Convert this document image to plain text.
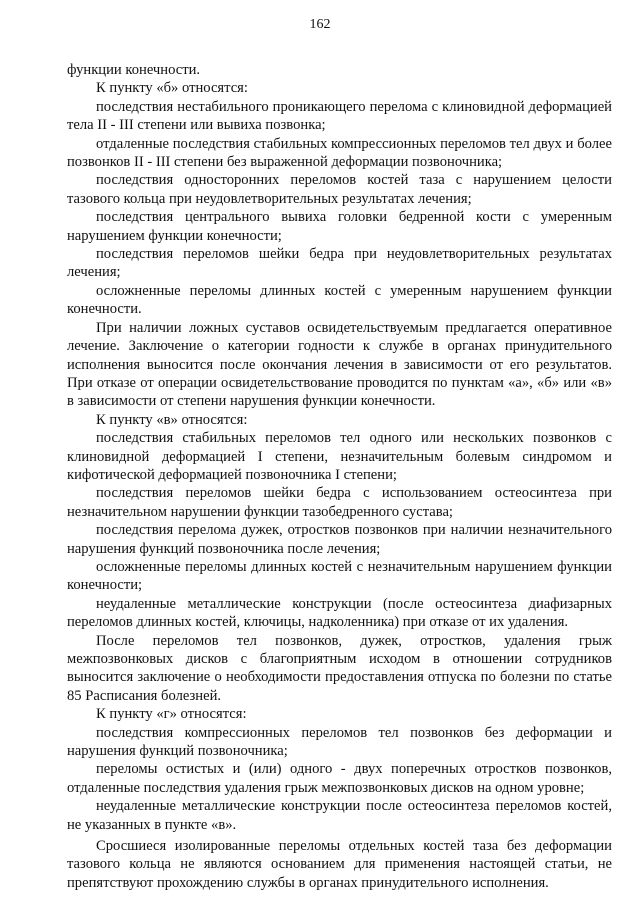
162

функции конечности.

К пункту «б» относятся:

последствия нестабильного проникающего перелома с клиновидной деформацией тела II - III степени или вывиха позвонка;

отдаленные последствия стабильных компрессионных переломов тел двух и более позвонков II - III степени без выраженной деформации позвоночника;

последствия односторонних переломов костей таза с нарушением целости тазового кольца при неудовлетворительных результатах лечения;

последствия центрального вывиха головки бедренной кости с умеренным нарушением функции конечности;

последствия переломов шейки бедра при неудовлетворительных результатах лечения;

осложненные переломы длинных костей с умеренным нарушением функции конечности.

При наличии ложных суставов освидетельствуемым предлагается оперативное лечение. Заключение о категории годности к службе в органах принудительного исполнения выносится после окончания лечения в зависимости от его результатов. При отказе от операции освидетельствование проводится по пунктам «а», «б» или «в» в зависимости от степени нарушения функции конечности.

К пункту «в» относятся:

последствия стабильных переломов тел одного или нескольких позвонков с клиновидной деформацией I степени, незначительным болевым синдромом и кифотической деформацией позвоночника I степени;

последствия переломов шейки бедра с использованием остеосинтеза при незначительном нарушении функции тазобедренного сустава;

последствия перелома дужек, отростков позвонков при наличии незначительного нарушения функций позвоночника после лечения;

осложненные переломы длинных костей с незначительным нарушением функции конечности;

неудаленные металлические конструкции (после остеосинтеза диафизарных переломов длинных костей, ключицы, надколенника) при отказе от их удаления.

После переломов тел позвонков, дужек, отростков, удаления грыж межпозвонковых дисков с благоприятным исходом в отношении сотрудников выносится заключение о необходимости предоставления отпуска по болезни по статье 85 Расписания болезней.

К пункту «г» относятся:

последствия компрессионных переломов тел позвонков без деформации и нарушения функций позвоночника;

переломы остистых и (или) одного - двух поперечных отростков позвонков, отдаленные последствия удаления грыж межпозвонковых дисков на одном уровне;

неудаленные металлические конструкции после остеосинтеза переломов костей, не указанных в пункте «в».

Сросшиеся изолированные переломы отдельных костей таза без деформации тазового кольца не являются основанием для применения настоящей статьи, не препятствуют прохождению службы в органах принудительного исполнения.
